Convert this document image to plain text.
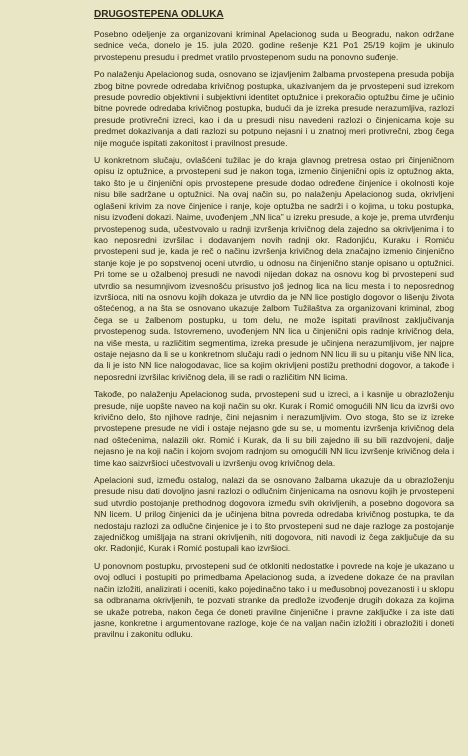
DRUGOSTEPENA ODLUKA

Posebno odeljenje za organizovani kriminal Apelacionog suda u Beogradu, nakon održane sednice veća, donelo je 15. jula 2020. godine rešenje Kž1 Po1 25/19 kojim je ukinulo prvostepenu presudu i predmet vratilo prvostepenom sudu na ponovno suđenje.

Po nalaženju Apelacionog suda, osnovano se izjavljenim žalbama prvostepena presuda pobija zbog bitne povrede odredaba krivičnog postupka, ukazivanjem da je prvostepeni sud izrekom presude povredio objektivni i subjektivni identitet optužnice i prekoračio optužbu čime je učinio bitne povrede odredaba krivičnog postupka, budući da je izreka presude nerazumljiva, razlozi presude protivrečni izreci, kao i da u presudi nisu navedeni razlozi o činjenicama koje su predmet dokazivanja a dati razlozi su potpuno nejasni i u znatnoj meri protivrečni, zbog čega nije moguće ispitati zakonitost i pravilnost presude.

U konkretnom slučaju, ovlašćeni tužilac je do kraja glavnog pretresa ostao pri činjeničnom opisu iz optužnice, a prvostepeni sud je nakon toga, izmenio činjenični opis iz optužnog akta, tako što je u činjenični opis prvostepene presude dodao određene činjenice i okolnosti koje nisu bile sadržane u optužnici. Na ovaj način su, po nalaženju Apelacionog suda, okrivljeni oglašeni krivim za nove činjenice i ranje, koje optužba ne sadrži i o kojima, u toku postupka, nisu izvođeni dokazi. Naime, uvođenjem „NN lica” u izreku presude, a koje je, prema utvrđenju prvostepenog suda, učestvovalo u radnji izvršenja krivičnog dela zajedno sa okrivljenima i to kao neposredni izvršilac i dodavanjem novih radnji okr. Radonjiću, Kuraku i Romiću prvostepeni sud je, kada je reč o načinu izvršenja krivičnog dela značajno izmenio činjenično stanje koje je po sopstvenoj oceni utvrdio, u odnosu na činjenično stanje opisano u optužnici. Pri tome se u ožalbenoj presudi ne navodi nijedan dokaz na osnovu kog bi prvostepeni sud utvrdio sa nesumnjivom izvesnošću prisustvo još jednog lica na licu mesta i to neposrednog izvršioca, niti na osnovu kojih dokaza je utvrdio da je NN lice postiglo dogovor o lišenju života oštećenog, a na šta se osnovano ukazuje žalbom Tužilaštva za organizovani kriminal, zbog čega se u žalbenom postupku, u tom delu, ne može ispitati pravilnost zaključivanja prvostepenog suda. Istovremeno, uvođenjem NN lica u činjenični opis radnje krivičnog dela, na više mesta, u različitim segmentima, izreka presude je učinjena nerazumljivom, jer najpre ostaje nejasno da li se u konkretnom slučaju radi o jednom NN licu ili su u pitanju više NN lica, da li je isto NN lice nalogodavac, lice sa kojim okrivljeni postižu prethodni dogovor, a takođe i neposredni izvršilac krivičnog dela, ili se radi o različitim NN licima.

Takođe, po nalaženju Apelacionog suda, prvostepeni sud u izreci, a i kasnije u obrazloženju presude, nije uopšte naveo na koji način su okr. Kurak i Romić omogućili NN licu da izvrši ovo krivično delo, što njihove radnje, čini nejasnim i nerazumljivim. Ovo stoga, što se iz izreke prvostepene presude ne vidi i ostaje nejasno gde su se, u momentu izvršenja krivičnog dela nad oštećenima, nalazili okr. Romić i Kurak, da li su bili zajedno ili su bili razdvojeni, dalje nejasno je na koji način i kojom svojom radnjom su omogućili NN licu izvršenje krivičnog dela i time kao saizvršioci učestvovali u izvršenju ovog krivičnog dela.

Apelacioni sud, između ostalog, nalazi da se osnovano žalbama ukazuje da u obrazloženju presude nisu dati dovoljno jasni razlozi o odlučnim činjenicama na osnovu kojih je prvostepeni sud utvrdio postojanje prethodnog dogovora između svih okrivljenih, a posebno dogovora sa NN licem. U prilog činjenici da je učinjena bitna povreda odredaba krivičnog postupka, te da nedostaju razlozi za odlučne činjenice je i to što prvostepeni sud ne daje razloge za postojanje zajedničkog umišljaja na strani okrivljenih, niti dogovora, niti navodi iz čega zaključuje da su okr. Radonjić, Kurak i Romić postupali kao izvršioci.

U ponovnom postupku, prvostepeni sud će otkloniti nedostatke i povrede na koje je ukazano u ovoj odluci i postupiti po primedbama Apelacionog suda, a izvedene dokaze će na pravilan način izložiti, analizirati i oceniti, kako pojedinačno tako i u međusobnoj povezanosti i u sklopu sa odbranama okrivljenih, te pozvati stranke da predlože izvođenje drugih dokaza za kojima se ukaže potreba, nakon čega će doneti pravilne činjenične i pravne zaključke i za iste dati jasne, konkretne i argumentovane razloge, koje će na valjan način izložiti i obrazložiti i doneti pravilnu i zakonitu odluku.
